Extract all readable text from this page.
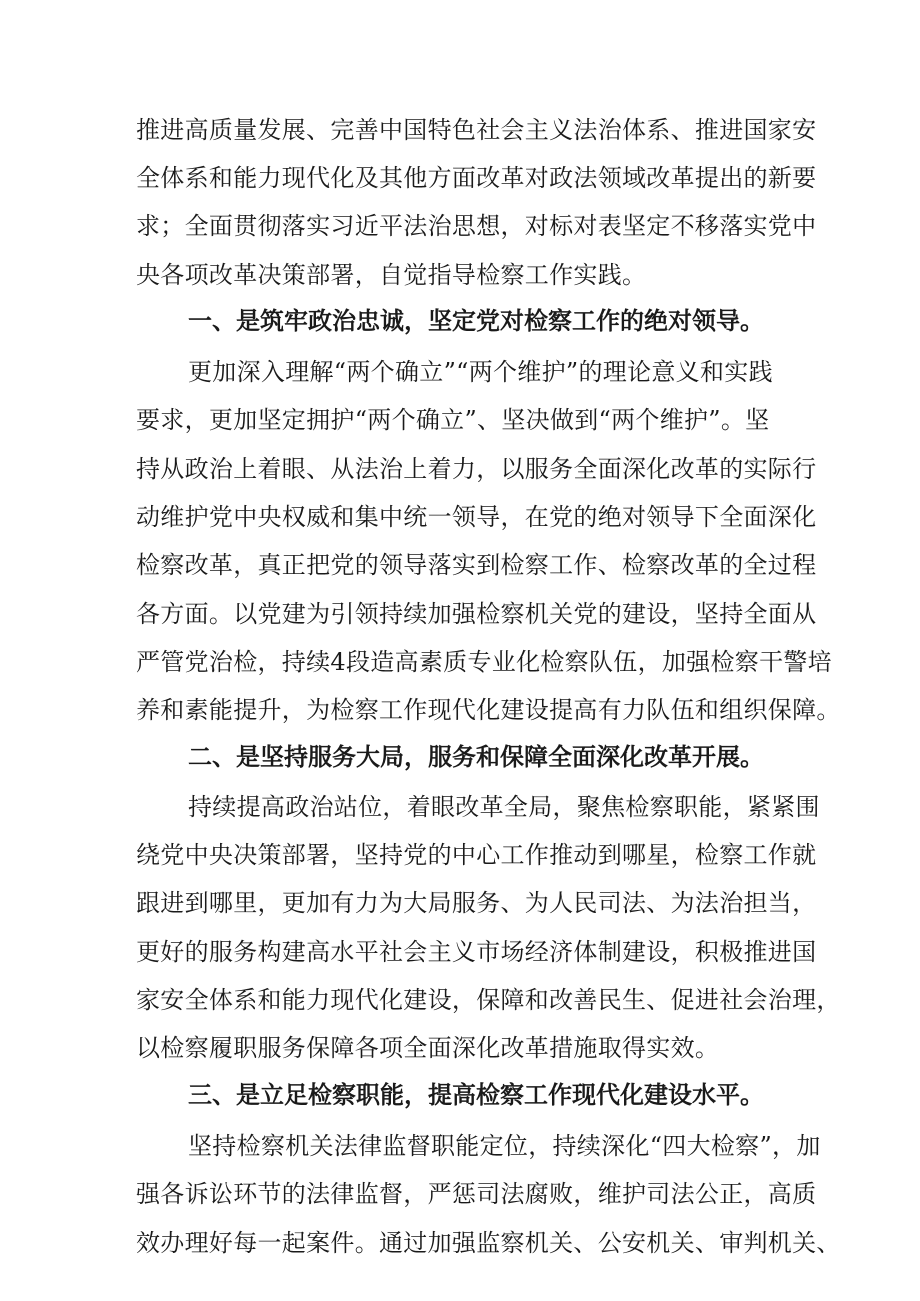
推进高质量发展、完善中国特色社会主义法治体系、推进国家安
全体系和能力现代化及其他方面改革对政法领域改革提出的新要
求；全面贯彻落实习近平法治思想，对标对表坚定不移落实党中
央各项改革决策部署，自觉指导检察工作实践。
一、是筑牢政治忠诚，坚定党对检察工作的绝对领导。
更加深入理解“两个确立”“两个维护”的理论意义和实践
要求，更加坚定拥护“两个确立”、坚决做到“两个维护”。坚
持从政治上着眼、从法治上着力，以服务全面深化改革的实际行
动维护党中央权威和集中统一领导，在党的绝对领导下全面深化
检察改革，真正把党的领导落实到检察工作、检察改革的全过程
各方面。以党建为引领持续加强检察机关党的建设，坚持全面从
严管党治检，持续4段造高素质专业化检察队伍，加强检察干警培
养和素能提升，为检察工作现代化建设提高有力队伍和组织保障。
二、是坚持服务大局，服务和保障全面深化改革开展。
持续提高政治站位，着眼改革全局，聚焦检察职能，紧紧围
绕党中央决策部署，坚持党的中心工作推动到哪星，检察工作就
跟进到哪里，更加有力为大局服务、为人民司法、为法治担当，
更好的服务构建高水平社会主义市场经济体制建设，积极推进国
家安全体系和能力现代化建设，保障和改善民生、促进社会治理，
以检察履职服务保障各项全面深化改革措施取得实效。
三、是立足检察职能，提高检察工作现代化建设水平。
坚持检察机关法律监督职能定位，持续深化“四大检察”，加
强各诉讼环节的法律监督，严惩司法腐败，维护司法公正，高质
效办理好每一起案件。通过加强监察机关、公安机关、审判机关、
